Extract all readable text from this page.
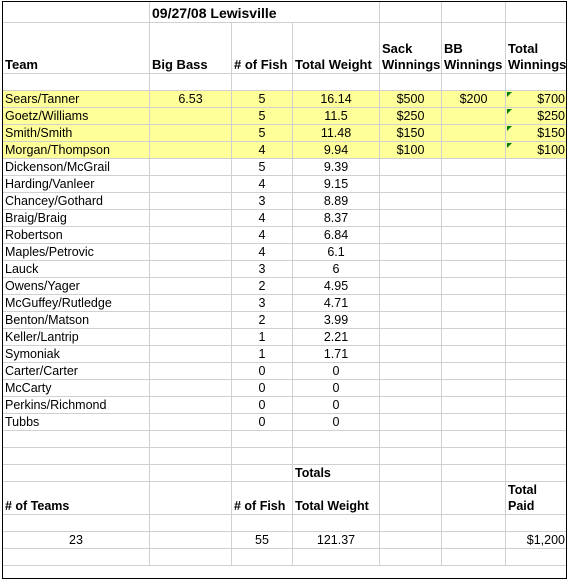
	09/27/08 Lewisville					
Team	Big Bass	# of Fish	Total Weight	Sack Winnings	BB Winnings	Total Winnings

Sears/Tanner	6.53	5	16.14	$500	$200	$700
Goetz/Williams		5	11.5	$250		$250
Smith/Smith		5	11.48	$150		$150
Morgan/Thompson		4	9.94	$100		$100
Dickenson/McGrail		5	9.39			
Harding/Vanleer		4	9.15			
Chancey/Gothard		3	8.89			
Braig/Braig		4	8.37			
Robertson		4	6.84			
Maples/Petrovic		4	6.1			
Lauck		3	6			
Owens/Yager		2	4.95			
McGuffey/Rutledge		3	4.71			
Benton/Matson		2	3.99			
Keller/Lantrip		1	2.21			
Symoniak		1	1.71			
Carter/Carter		0	0			
McCarty		0	0			
Perkins/Richmond		0	0			
Tubbs		0	0			

			Totals			
# of Teams		# of Fish	Total Weight			Total Paid

23		55	121.37			$1,200
